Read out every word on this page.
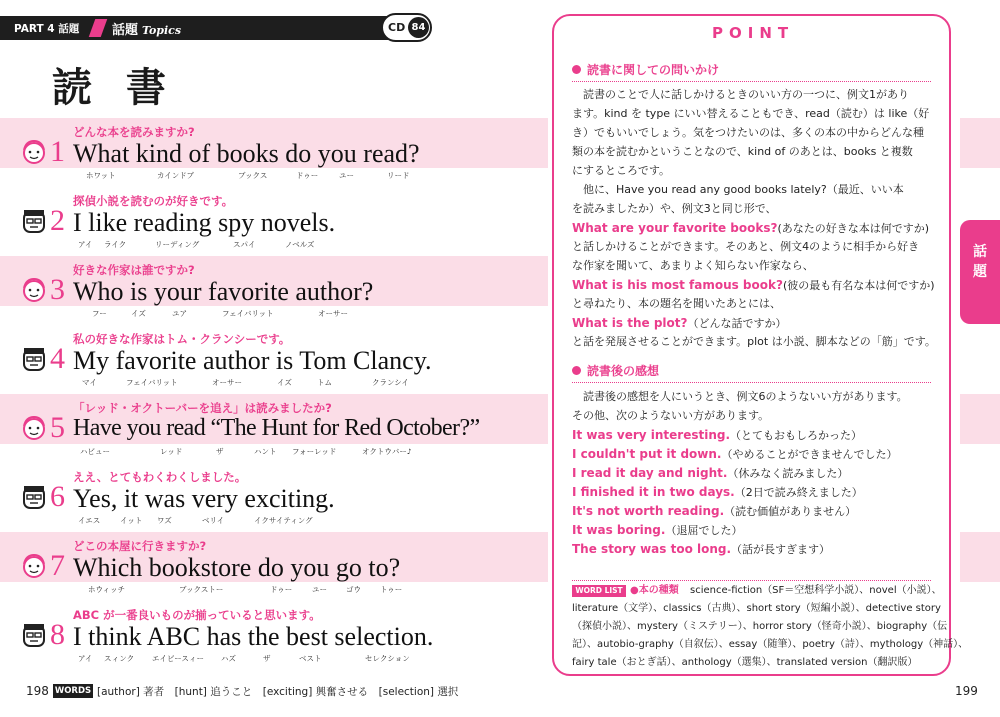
PART 4 話題	話題 Topics	CD 84
読 書
1
どんな本を読みますか?
What kind of books do you read?
ホワット	カインドブ	ブックス	ドゥー	ユー	リード
2
探偵小説を読むのが好きです。
I like reading spy novels.
アイ ライク	リーディング	スパイ	ノベルズ
3
好きな作家は誰ですか?
Who is your favorite author?
フー	イズ	ユア	フェイバリット	オーサー
4
私の好きな作家はトム・クランシーです。
My favorite author is Tom Clancy.
マイ	フェイバリット	オーサー	イズ	トム	クランシイ
5
「レッド・オクトーバーを追え」は読みましたか?
Have you read “The Hunt for Red October?”
ハビュー	レッド	ザ	ハント フォーレッド	オクトウバー♪
6
ええ、とてもわくわくしました。
Yes, it was very exciting.
イエス	イット ワズ	ベリイ	イクサイティング
7
どこの本屋に行きますか?
Which bookstore do you go to?
ホウィッチ	ブックストー	ドゥー	ユー	ゴウ	トゥー
8
ABC が一番良いものが揃っていると思います。
I think ABC has the best selection.
アイ スィンク エイビースィー ハズ	ザ	ベスト	セレクション
198 WORDS [author] 著者　[hunt] 追うこと　[exciting] 興奮させる　[selection] 選択	199
POINT
読書に関しての問いかけ
　読書のことで人に話しかけるときのいい方の一つに、例文1があり
ます。kind を type にいい替えることもでき、read（読む）は like（好
き）でもいいでしょう。気をつけたいのは、多くの本の中からどんな種
類の本を読むかということなので、kind of のあとは、books と複数
にするところです。
　他に、Have you read any good books lately?（最近、いい本
を読みましたか）や、例文3と同じ形で、
What are your favorite books?(あなたの好きな本は何ですか)
と話しかけることができます。そのあと、例文4のように相手から好き
な作家を聞いて、あまりよく知らない作家なら、
What is his most famous book?(彼の最も有名な本は何ですか)
と尋ねたり、本の題名を聞いたあとには、
What is the plot?（どんな話ですか）
と話を発展させることができます。plot は小説、脚本などの「筋」です。
読書後の感想
　読書後の感想を人にいうとき、例文6のようないい方があります。
その他、次のようないい方があります。
It was very interesting.（とてもおもしろかった）
I couldn't put it down.（やめることができませんでした）
I read it day and night.（休みなく読みました）
I finished it in two days.（2日で読み終えました）
It's not worth reading.（読む価値がありません）
It was boring.（退屈でした）
The story was too long.（話が長すぎます）
WORD LIST ●本の種類 science-fiction（SF＝空想科学小説）、novel（小説）、
literature（文学）、classics（古典）、short story（短編小説）、detective story
（探偵小説）、mystery（ミステリー）、horror story（怪奇小説）、biography（伝
記）、autobio-graphy（自叙伝）、essay（随筆）、poetry（詩）、mythology（神話）、
fairy tale（おとぎ話）、anthology（選集）、translated version（翻訳版）
話題
